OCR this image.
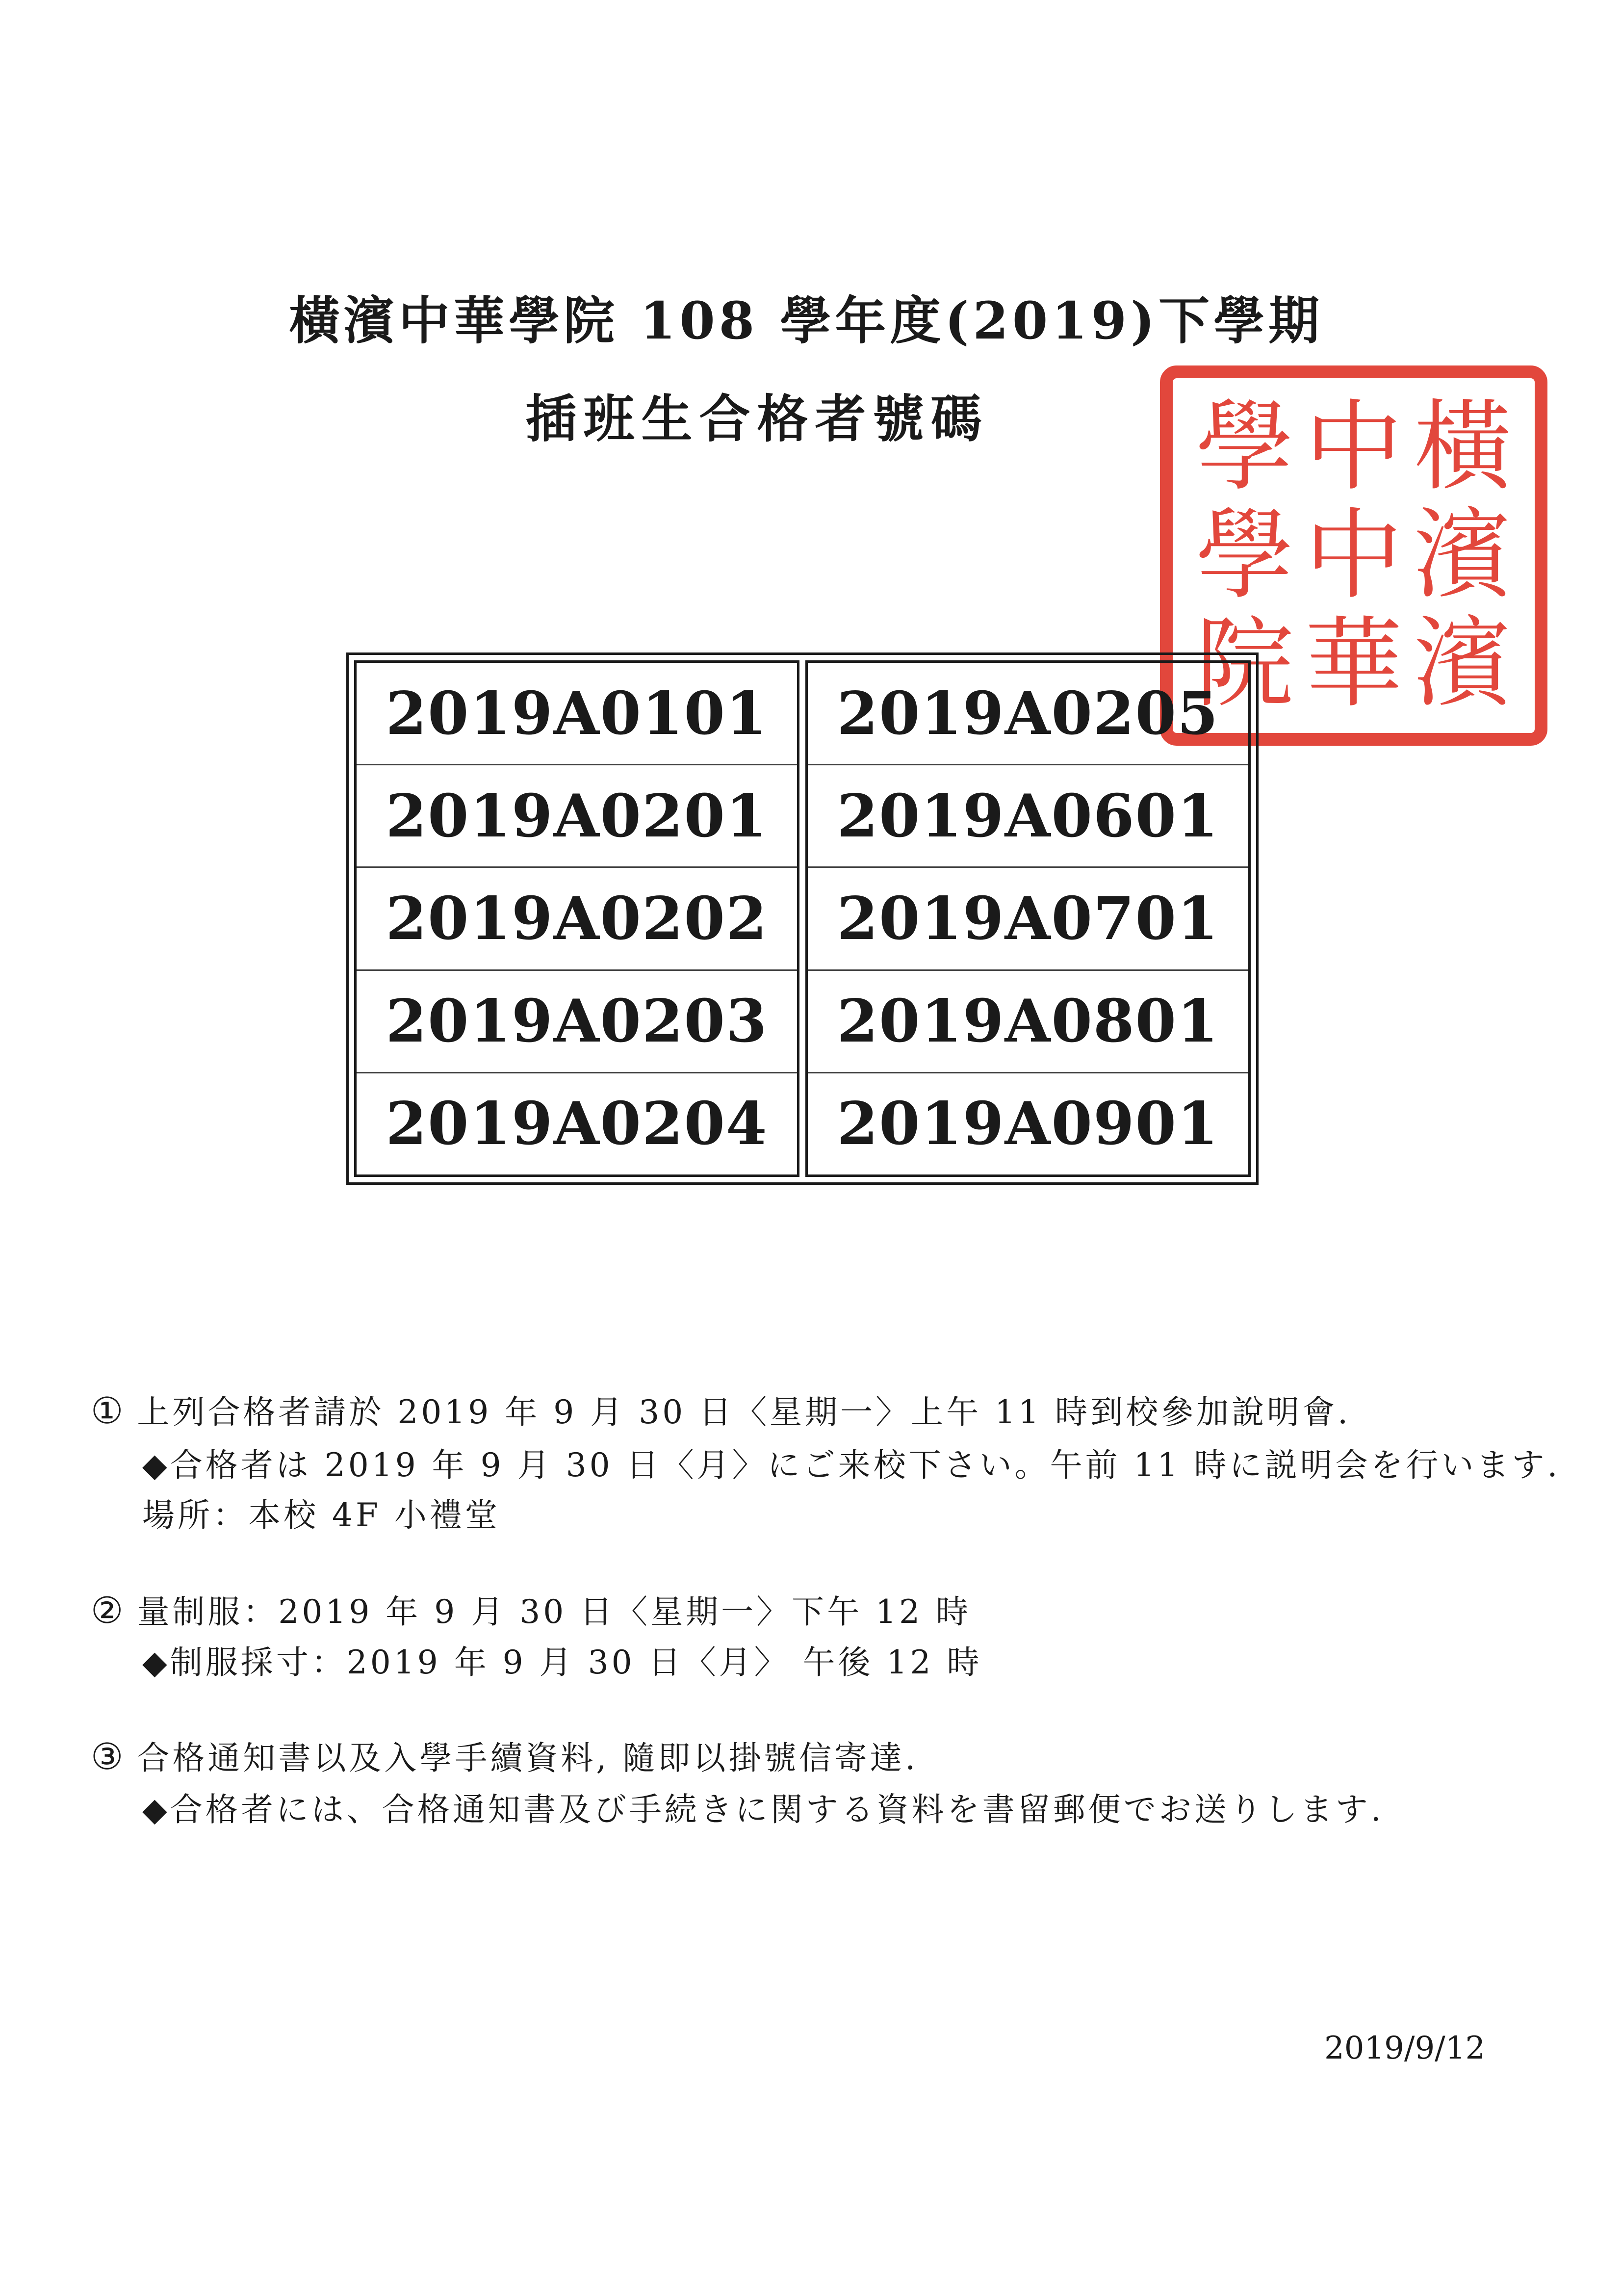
橫濱中華學院 108 學年度(2019)下學期
插班生合格者號碼	學 中 橫
學 中 濱
院 華 濱
2019A0101
2019A0201
2019A0202
2019A0203
2019A0204
2019A0205
2019A0601
2019A0701
2019A0801
2019A0901
① 上列合格者請於 2019 年 9 月 30 日〈星期一〉上午 11 時到校參加說明會.
◆合格者は 2019 年 9 月 30 日〈月〉にご来校下さい。午前 11 時に説明会を行います.
場所：本校 4F 小禮堂
② 量制服：2019 年 9 月 30 日〈星期一〉下午 12 時
◆制服採寸：2019 年 9 月 30 日〈月〉 午後 12 時
③ 合格通知書以及入學手續資料, 隨即以掛號信寄達.
◆合格者には、合格通知書及び手続きに関する資料を書留郵便でお送りします.
2019/9/12
